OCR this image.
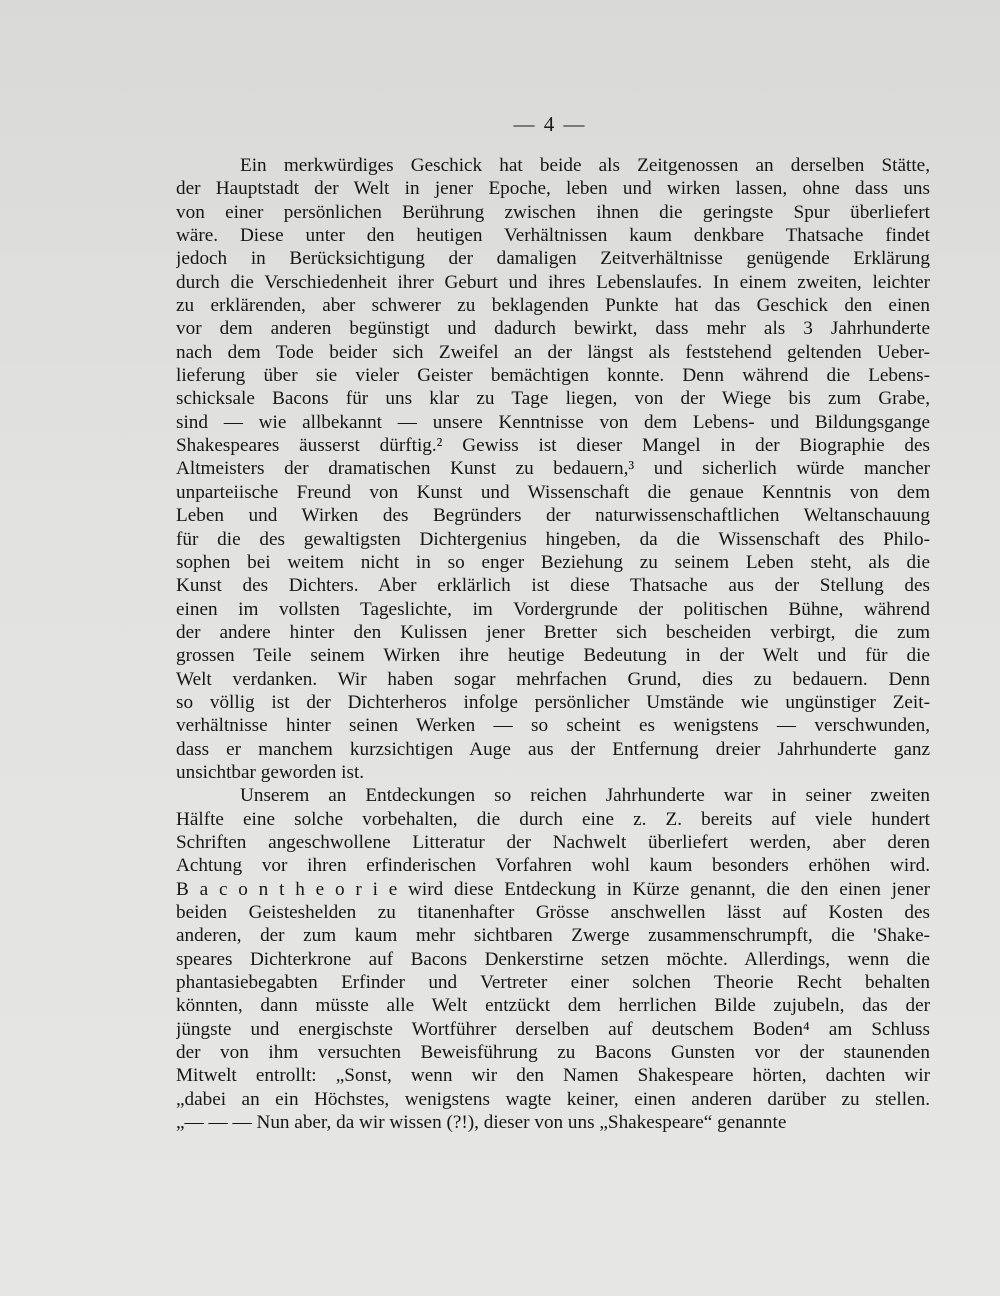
— 4 —
Ein merkwürdiges Geschick hat beide als Zeitgenossen an derselben Stätte,
der Hauptstadt der Welt in jener Epoche, leben und wirken lassen, ohne dass uns
von einer persönlichen Berührung zwischen ihnen die geringste Spur überliefert
wäre. Diese unter den heutigen Verhältnissen kaum denkbare Thatsache findet
jedoch in Berücksichtigung der damaligen Zeitverhältnisse genügende Erklärung
durch die Verschiedenheit ihrer Geburt und ihres Lebenslaufes. In einem zweiten, leichter
zu erklärenden, aber schwerer zu beklagenden Punkte hat das Geschick den einen
vor dem anderen begünstigt und dadurch bewirkt, dass mehr als 3 Jahrhunderte
nach dem Tode beider sich Zweifel an der längst als feststehend geltenden Ueber-
lieferung über sie vieler Geister bemächtigen konnte. Denn während die Lebens-
schicksale Bacons für uns klar zu Tage liegen, von der Wiege bis zum Grabe,
sind — wie allbekannt — unsere Kenntnisse von dem Lebens- und Bildungsgange
Shakespeares äusserst dürftig.² Gewiss ist dieser Mangel in der Biographie des
Altmeisters der dramatischen Kunst zu bedauern,³ und sicherlich würde mancher
unparteiische Freund von Kunst und Wissenschaft die genaue Kenntnis von dem
Leben und Wirken des Begründers der naturwissenschaftlichen Weltanschauung
für die des gewaltigsten Dichtergenius hingeben, da die Wissenschaft des Philo-
sophen bei weitem nicht in so enger Beziehung zu seinem Leben steht, als die
Kunst des Dichters. Aber erklärlich ist diese Thatsache aus der Stellung des
einen im vollsten Tageslichte, im Vordergrunde der politischen Bühne, während
der andere hinter den Kulissen jener Bretter sich bescheiden verbirgt, die zum
grossen Teile seinem Wirken ihre heutige Bedeutung in der Welt und für die
Welt verdanken. Wir haben sogar mehrfachen Grund, dies zu bedauern. Denn
so völlig ist der Dichterheros infolge persönlicher Umstände wie ungünstiger Zeit-
verhältnisse hinter seinen Werken — so scheint es wenigstens — verschwunden,
dass er manchem kurzsichtigen Auge aus der Entfernung dreier Jahrhunderte ganz
unsichtbar geworden ist.
Unserem an Entdeckungen so reichen Jahrhunderte war in seiner zweiten
Hälfte eine solche vorbehalten, die durch eine z. Z. bereits auf viele hundert
Schriften angeschwollene Litteratur der Nachwelt überliefert werden, aber deren
Achtung vor ihren erfinderischen Vorfahren wohl kaum besonders erhöhen wird.
B a c o n t h e o r i e wird diese Entdeckung in Kürze genannt, die den einen jener
beiden Geisteshelden zu titanenhafter Grösse anschwellen lässt auf Kosten des
anderen, der zum kaum mehr sichtbaren Zwerge zusammenschrumpft, die 'Shake-
speares Dichterkrone auf Bacons Denkerstirne setzen möchte. Allerdings, wenn die
phantasiebegabten Erfinder und Vertreter einer solchen Theorie Recht behalten
könnten, dann müsste alle Welt entzückt dem herrlichen Bilde zujubeln, das der
jüngste und energischste Wortführer derselben auf deutschem Boden⁴ am Schluss
der von ihm versuchten Beweisführung zu Bacons Gunsten vor der staunenden
Mitwelt entrollt: „Sonst, wenn wir den Namen Shakespeare hörten, dachten wir
„dabei an ein Höchstes, wenigstens wagte keiner, einen anderen darüber zu stellen.
„— — — Nun aber, da wir wissen (?!), dieser von uns „Shakespeare“ genannte
